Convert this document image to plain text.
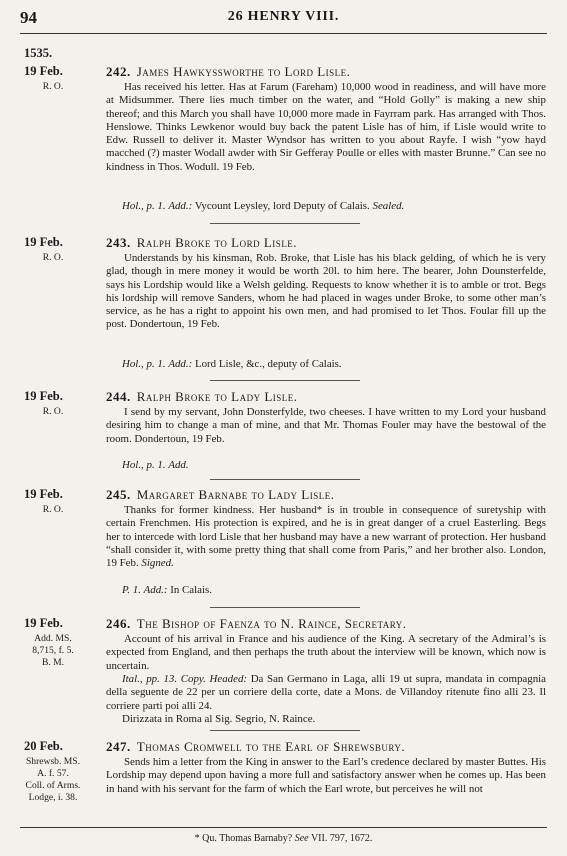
94	26 HENRY VIII.
1535.
19 Feb.
R. O.
242. James Hawkyssworthe to Lord Lisle.
Has received his letter. Has at Farum (Fareham) 10,000 wood in readiness, and will have more at Midsummer. There lies much timber on the water, and “Hold Golly” is making a new ship thereof; and this March you shall have 10,000 more made in Fayrram park. Has arranged with Thos. Henslowe. Thinks Lewkenor would buy back the patent Lisle has of him, if Lisle would write to Edw. Russell to deliver it. Master Wyndsor has written to you about Rayfe. I wish “yow hayd macched (?) master Wodall awder with Sir Gefferay Poulle or elles with master Brunne.” Can see no kindness in Thos. Wodull. 19 Feb.
Hol., p. 1. Add.: Vycount Leysley, lord Deputy of Calais. Sealed.
19 Feb.
R. O.
243. Ralph Broke to Lord Lisle.
Understands by his kinsman, Rob. Broke, that Lisle has his black gelding, of which he is very glad, though in mere money it would be worth 20l. to him here. The bearer, John Dounsterfelde, says his Lordship would like a Welsh gelding. Requests to know whether it is to amble or trot. Begs his lordship will remove Sanders, whom he had placed in wages under Broke, to some other man’s service, as he has a right to appoint his own men, and had promised to let Thos. Foular fill up the post. Dondertoun, 19 Feb.
Hol., p. 1. Add.: Lord Lisle, &c., deputy of Calais.
19 Feb.
R. O.
244. Ralph Broke to Lady Lisle.
I send by my servant, John Donsterfylde, two cheeses. I have written to my Lord your husband desiring him to change a man of mine, and that Mr. Thomas Fouler may have the bestowal of the room. Dondertoun, 19 Feb.
Hol., p. 1. Add.
19 Feb.
R. O.
245. Margaret Barnabe to Lady Lisle.
Thanks for former kindness. Her husband* is in trouble in consequence of suretyship with certain Frenchmen. His protection is expired, and he is in great danger of a cruel Easterling. Begs her to intercede with lord Lisle that her husband may have a new warrant of protection. Her husband “shall consider it, with some pretty thing that shall come from Paris,” and her brother also. London, 19 Feb. Signed.
P. 1. Add.: In Calais.
19 Feb.
Add. MS.
8,715, f. 5.
B. M.
246. The Bishop of Faenza to N. Raince, Secretary.
Account of his arrival in France and his audience of the King. A secretary of the Admiral’s is expected from England, and then perhaps the truth about the interview will be known, which now is uncertain.
Ital., pp. 13. Copy. Headed: Da San Germano in Laga, alli 19 ut supra, mandata in compagnia della seguente de 22 per un corriere della corte, date a Mons. de Villandoy ritenute fino alli 23. Il corriere parti poi alli 24.
Dirizzata in Roma al Sig. Segrio, N. Raince.
20 Feb.
Shrewsb. MS.
A. f. 57.
Coll. of Arms.
Lodge, i. 38.
247. Thomas Cromwell to the Earl of Shrewsbury.
Sends him a letter from the King in answer to the Earl’s credence declared by master Buttes. His Lordship may depend upon having a more full and satisfactory answer when he comes up. Has been in hand with his servant for the farm of which the Earl wrote, but perceives he will not
* Qu. Thomas Barnaby? See VII. 797, 1672.
